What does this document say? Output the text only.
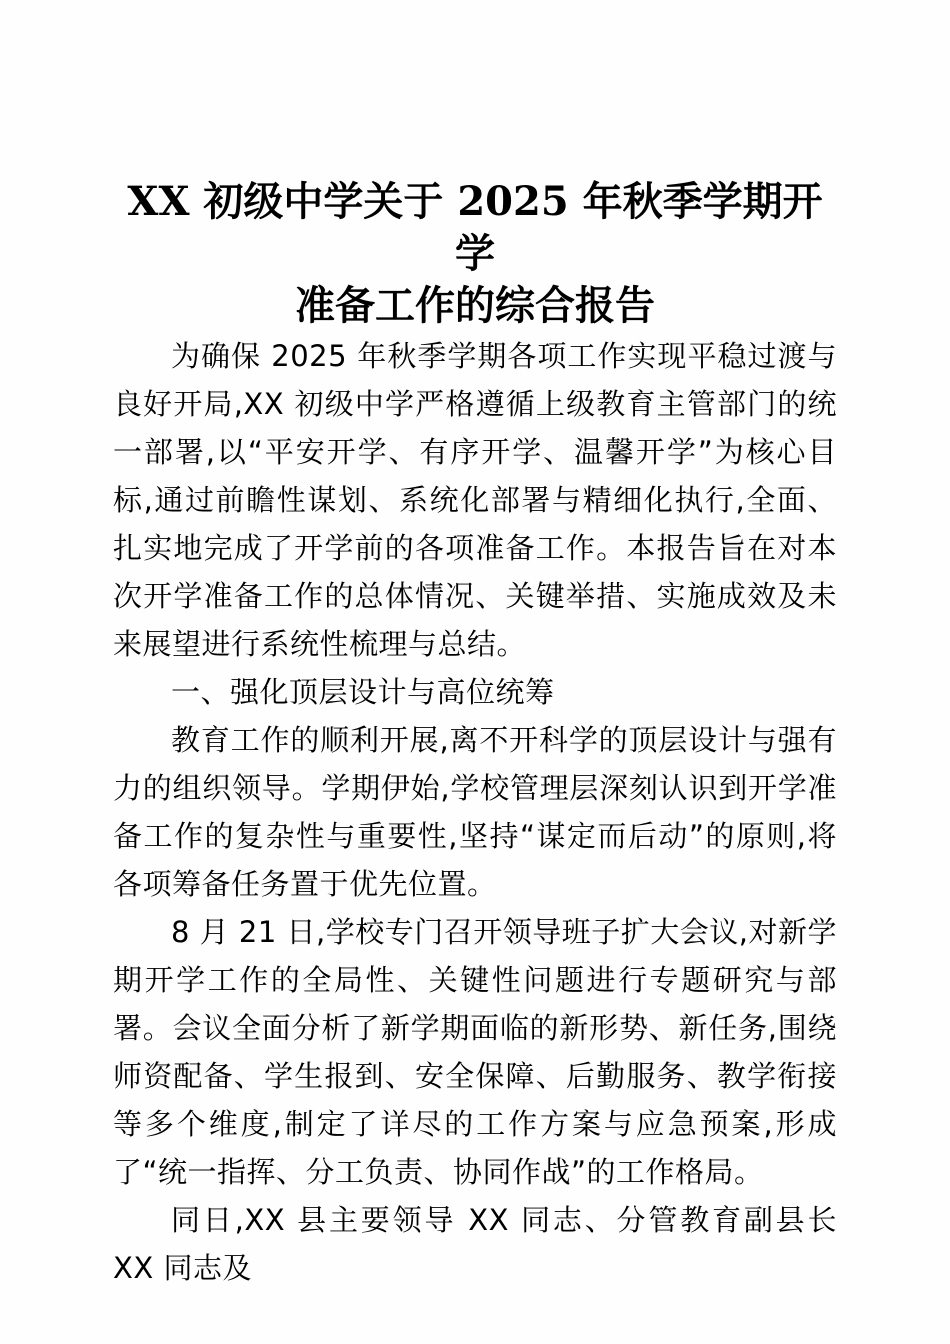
XX 初级中学关于 2025 年秋季学期开学
准备工作的综合报告

为确保 2025 年秋季学期各项工作实现平稳过渡与良好开局,XX 初级中学严格遵循上级教育主管部门的统一部署,以“平安开学、有序开学、温馨开学”为核心目标,通过前瞻性谋划、系统化部署与精细化执行,全面、扎实地完成了开学前的各项准备工作。本报告旨在对本次开学准备工作的总体情况、关键举措、实施成效及未来展望进行系统性梳理与总结。

一、强化顶层设计与高位统筹

教育工作的顺利开展,离不开科学的顶层设计与强有力的组织领导。学期伊始,学校管理层深刻认识到开学准备工作的复杂性与重要性,坚持“谋定而后动”的原则,将各项筹备任务置于优先位置。

8 月 21 日,学校专门召开领导班子扩大会议,对新学期开学工作的全局性、关键性问题进行专题研究与部署。会议全面分析了新学期面临的新形势、新任务,围绕师资配备、学生报到、安全保障、后勤服务、教学衔接等多个维度,制定了详尽的工作方案与应急预案,形成了“统一指挥、分工负责、协同作战”的工作格局。

同日,XX 县主要领导 XX 同志、分管教育副县长 XX 同志及
